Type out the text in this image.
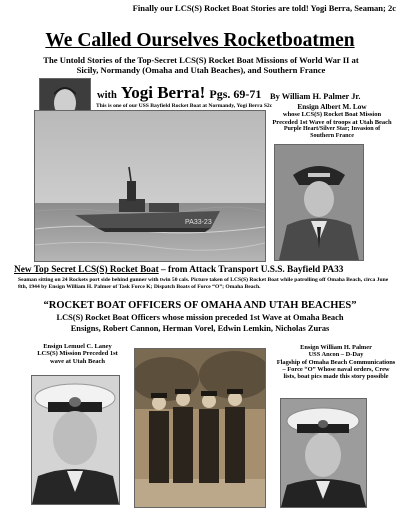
Finally our LCS(S) Rocket Boat Stories are told! Yogi Berra, Seaman; 2c
We Called Ourselves Rocketboatmen
The Untold Stories of the Top-Secret LCS(S) Rocket Boat Missions of World War II at Sicily, Normandy (Omaha and Utah Beaches), and Southern France
By William H. Palmer Jr.
with Yogi Berra! Pgs. 69-71
This is one of our USS Bayfield Rocket Boat at Normandy, Yogi Berra S2c
PA33-23
Ensign Albert M. Low
whose LCS(S) Rocket Boat Mission Preceded 1st Wave of troops at Utah Beach
Purple Heart/Silver Star; Invasion of Southern France
New Top Secret LCS(S) Rocket Boat – from Attack Transport U.S.S. Bayfield PA33
Seaman sitting on 24 Rockets port side behind gunner with twin 50 cals. Picture taken of LCS(S) Rocket Boat while patrolling off Omaha Beach, circa June 8th, 1944 by Ensign William H. Palmer of Task Force K; Dispatch Boats of Force “O”; Omaha Beach.
“ROCKET BOAT OFFICERS OF OMAHA AND UTAH BEACHES”
LCS(S) Rocket Boat Officers whose mission preceded 1st Wave at Omaha Beach
Ensigns, Robert Cannon, Herman Vorel, Edwin Lemkin, Nicholas Zuras
Ensign Lemuel C. Laney
LCS(S) Mission Preceded 1st wave at Utah Beach
Ensign William H. Palmer
USS Ancon – D-Day
Flagship of Omaha Beach Communications – Force “O” Whose naval orders, Crew lists, boat pics made this story possible
